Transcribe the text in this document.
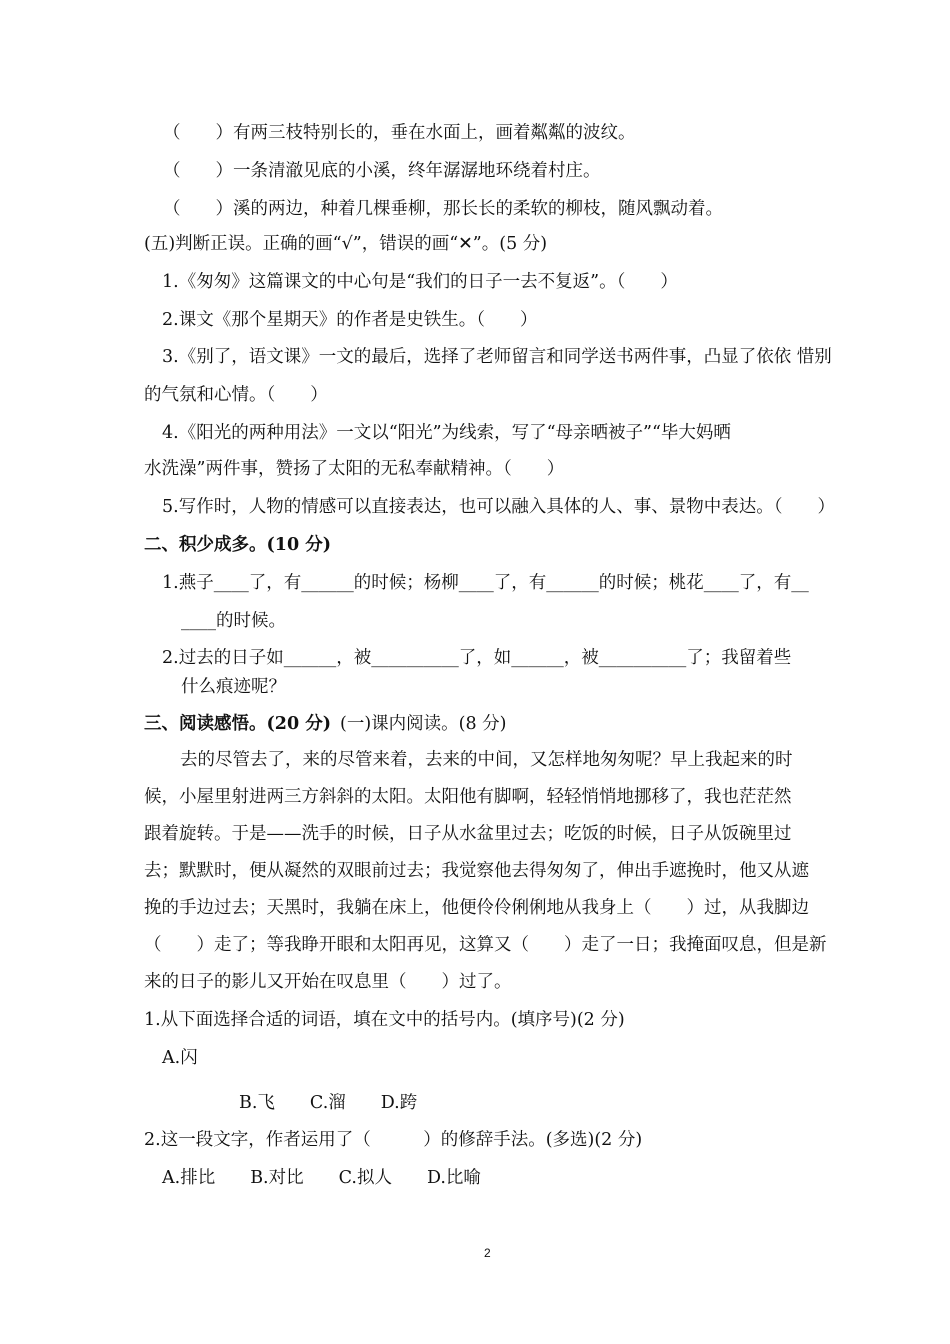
（　　）有两三枝特别长的，垂在水面上，画着粼粼的波纹。
（　　）一条清澈见底的小溪，终年潺潺地环绕着村庄。
（　　）溪的两边，种着几棵垂柳，那长长的柔软的柳枝，随风飘动着。
(五)判断正误。正确的画“√”，错误的画“✕”。(5 分)
1.《匆匆》这篇课文的中心句是“我们的日子一去不复返”。（　　）
2.课文《那个星期天》的作者是史铁生。（　　）
3.《别了，语文课》一文的最后，选择了老师留言和同学送书两件事，凸显了依依 惜别
的气氛和心情。（　　）
4.《阳光的两种用法》一文以“阳光”为线索，写了“母亲晒被子”“毕大妈晒
水洗澡”两件事，赞扬了太阳的无私奉献精神。（　　）
5.写作时，人物的情感可以直接表达，也可以融入具体的人、事、景物中表达。（　　）
二、积少成多。(10 分)
1.燕子____了，有______的时候；杨柳____了，有______的时候；桃花____了，有__
____的时候。
2.过去的日子如______，被__________了，如______，被__________了；我留着些
什么痕迹呢？
三、阅读感悟。(20 分) (一)课内阅读。(8 分)
去的尽管去了，来的尽管来着，去来的中间，又怎样地匆匆呢？早上我起来的时
候，小屋里射进两三方斜斜的太阳。太阳他有脚啊，轻轻悄悄地挪移了，我也茫茫然
跟着旋转。于是——洗手的时候，日子从水盆里过去；吃饭的时候，日子从饭碗里过
去；默默时，便从凝然的双眼前过去；我觉察他去得匆匆了，伸出手遮挽时，他又从遮
挽的手边过去；天黑时，我躺在床上，他便伶伶俐俐地从我身上（　　）过，从我脚边
（　　）走了；等我睁开眼和太阳再见，这算又（　　）走了一日；我掩面叹息，但是新
来的日子的影儿又开始在叹息里（　　）过了。
1.从下面选择合适的词语，填在文中的括号内。(填序号)(2 分)
A.闪
B.飞　　C.溜　　D.跨
2.这一段文字，作者运用了（　　　）的修辞手法。(多选)(2 分)
A.排比　　B.对比　　C.拟人　　D.比喻
2
